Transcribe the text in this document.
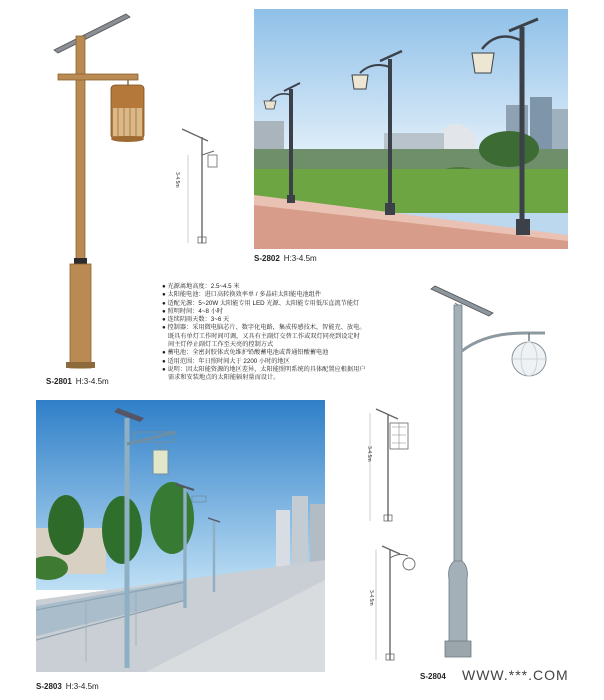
S-2801 H:3-4.5m
3-4.5m
S-2802 H:3-4.5m
● 光源离地高度：2.5~4.5 米
● 太阳能电池：进口高转换效率单 / 多晶硅太阳能电池组件
● 适配光源：5~20W 太阳能专用 LED 光源、太阳能专用低压直流节能灯
● 照明时间：4~8 小时
● 连续阴雨天数：3~6 天
● 控制器：采用微电脑芯片、数字化电路，集成传感技术，智能充、放电。
既具有单灯工作时间可调，又具有主副灯交替工作或双灯同亮到设定时
间主灯停止副灯工作至天亮的控制方式
● 蓄电池：全密封胶体式免维护铅酸蓄电池或普通铅酸蓄电池
● 适用范围：年日照时间大于 2200 小时的地区
● 说明：因太阳能资源的地区差异，太阳能照明系统的具体配置应根据用户
需求和安装地点的太阳能辐射量而设计。
3-4.5m
3-4.5m
S-2803 H:3-4.5m
S-2804 WWW.***.COM
